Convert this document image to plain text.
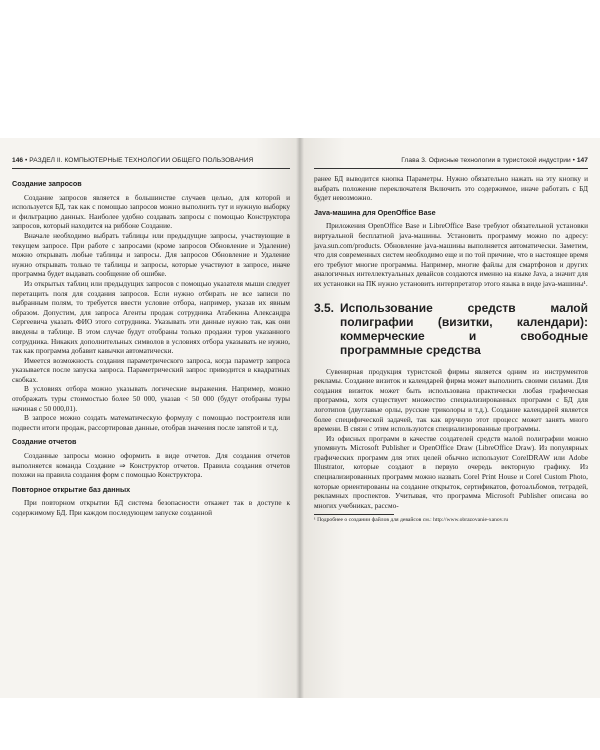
146 • РАЗДЕЛ II. КОМПЬЮТЕРНЫЕ ТЕХНОЛОГИИ ОБЩЕГО ПОЛЬЗОВАНИЯ
Создание запросов

Создание запросов является в большинстве случаев целью, для которой и используется БД, так как с помощью запросов можно выполнить тут и нужную выборку и фильтрацию данных. Наиболее удобно создавать запросы с помощью Конструктора запросов, который находится на риббоне Создание.

Вначале необходимо выбрать таблицы или предыдущие запросы, участвующие в текущем запросе. При работе с запросами (кроме запросов Обновление и Удаление) можно открывать любые таблицы и запросы. Для запросов Обновление и Удаление нужно открывать только те таблицы и запросы, которые участвуют в запросе, иначе программа будет выдавать сообщение об ошибке.

Из открытых таблиц или предыдущих запросов с помощью указателя мыши следует перетащить поля для создания запросов. Если нужно отбирать не все записи по выбранным полям, то требуется ввести условие отбора, например, указав их явным образом. Допустим, для запроса Агенты продаж сотрудника Атабекина Александра Сергеевича указать ФИО этого сотрудника. Указывать эти данные нужно так, как они введены в таблице. В этом случае будут отобраны только продажи туров указанного сотрудника. Никаких дополнительных символов в условиях отбора указывать не нужно, так как программа добавит кавычки автоматически.

Имеется возможность создания параметрического запроса, когда параметр запроса указывается после запуска запроса. Параметрический запрос приводится в квадратных скобках.

В условиях отбора можно указывать логические выражения. Например, можно отображать туры стоимостью более 50 000, указав < 50 000 (будут отобраны туры начиная с 50 000,01).

В запросе можно создать математическую формулу с помощью построителя или подвести итоги продаж, рассортировав данные, отобрав значения после запятой и т.д.

Создание отчетов

Созданные запросы можно оформить в виде отчетов. Для создания отчетов выполняется команда Создание ⇒ Конструктор отчетов. Правила создания отчетов похожи на правила создания форм с помощью Конструктора.

Повторное открытие баз данных

При повторном открытии БД система безопасности откажет так в доступе к содержимому БД. При каждом последующем запуске созданной

Глава 3. Офисные технологии в туристской индустрии • 147

ранее БД выводится кнопка Параметры. Нужно обязательно нажать на эту кнопку и выбрать положение переключателя Включить это содержимое, иначе работать с БД будет невозможно.

Java-машина для OpenOffice Base

Приложения OpenOffice Base и LibreOffice Base требуют обязательной установки виртуальной бесплатной java-машины. Установить программу можно по адресу: java.sun.com/products. Обновление java-машины выполняется автоматически. Заметим, что для современных систем необходимо еще и по той причине, что в настоящее время его требуют многие программы. Например, многие файлы для смартфонов и других аналогичных интеллектуальных девайсов создаются именно на языке Java, а значит для их установки на ПК нужно установить интерпретатор этого языка в виде java-машины¹.

3.5. Использование средств малой полиграфии (визитки, календари): коммерческие и свободные программные средства

Сувенирная продукция туристской фирмы является одним из инструментов рекламы. Создание визиток и календарей фирма может выполнить своими силами. Для создания визиток может быть использована практически любая графическая программа, хотя существует множество специализированных программ с БД для логотипов (двуглавые орлы, русские триколоры и т.д.). Создание календарей является более специфической задачей, так как вручную этот процесс может занять много времени. В связи с этим используются специализированные программы.

Из офисных программ в качестве создателей средств малой полиграфии можно упомянуть Microsoft Publisher и OpenOffice Draw (LibreOffice Draw). Из популярных графических программ для этих целей обычно используют CorelDRAW или Adobe Illustrator, которые создают в первую очередь векторную графику. Из специализированных программ можно назвать Corel Print House и Corel Custom Photo, которые ориентированы на создание открыток, сертификатов, фотоальбомов, тетрадей, рекламных проспектов. Учитывая, что программа Microsoft Publisher описана во многих учебниках, рассмо-

¹ Подробнее о создании файлов для девайсов см.: http://www.obrazovanie-xanov.ru
